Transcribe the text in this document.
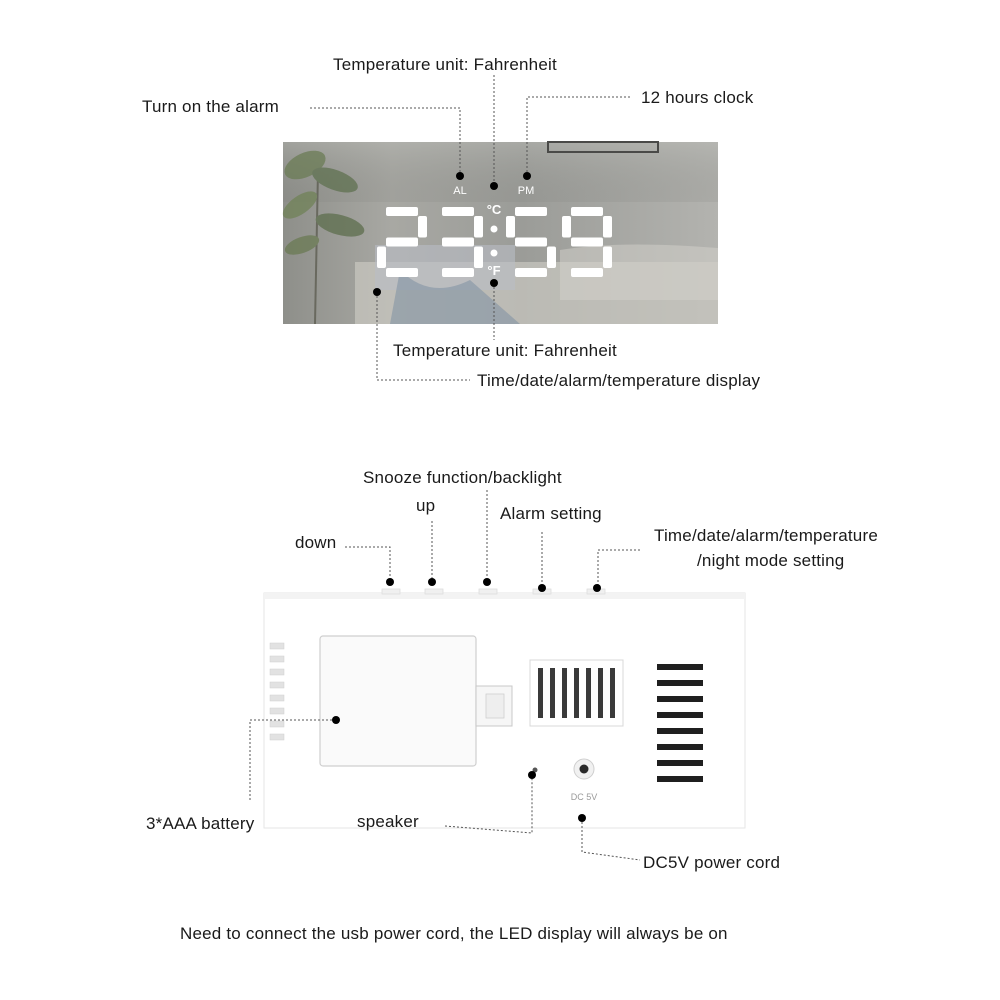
AL	PM
°C
°F
DC 5V
Temperature unit: Fahrenheit
Turn on the alarm	12 hours clock
Temperature unit: Fahrenheit
Time/date/alarm/temperature display
Snooze function/backlight
up	Alarm setting
down	Time/date/alarm/temperature
/night mode setting
3*AAA battery	speaker
DC5V power cord
Need to connect the usb power cord, the LED display will always be on
